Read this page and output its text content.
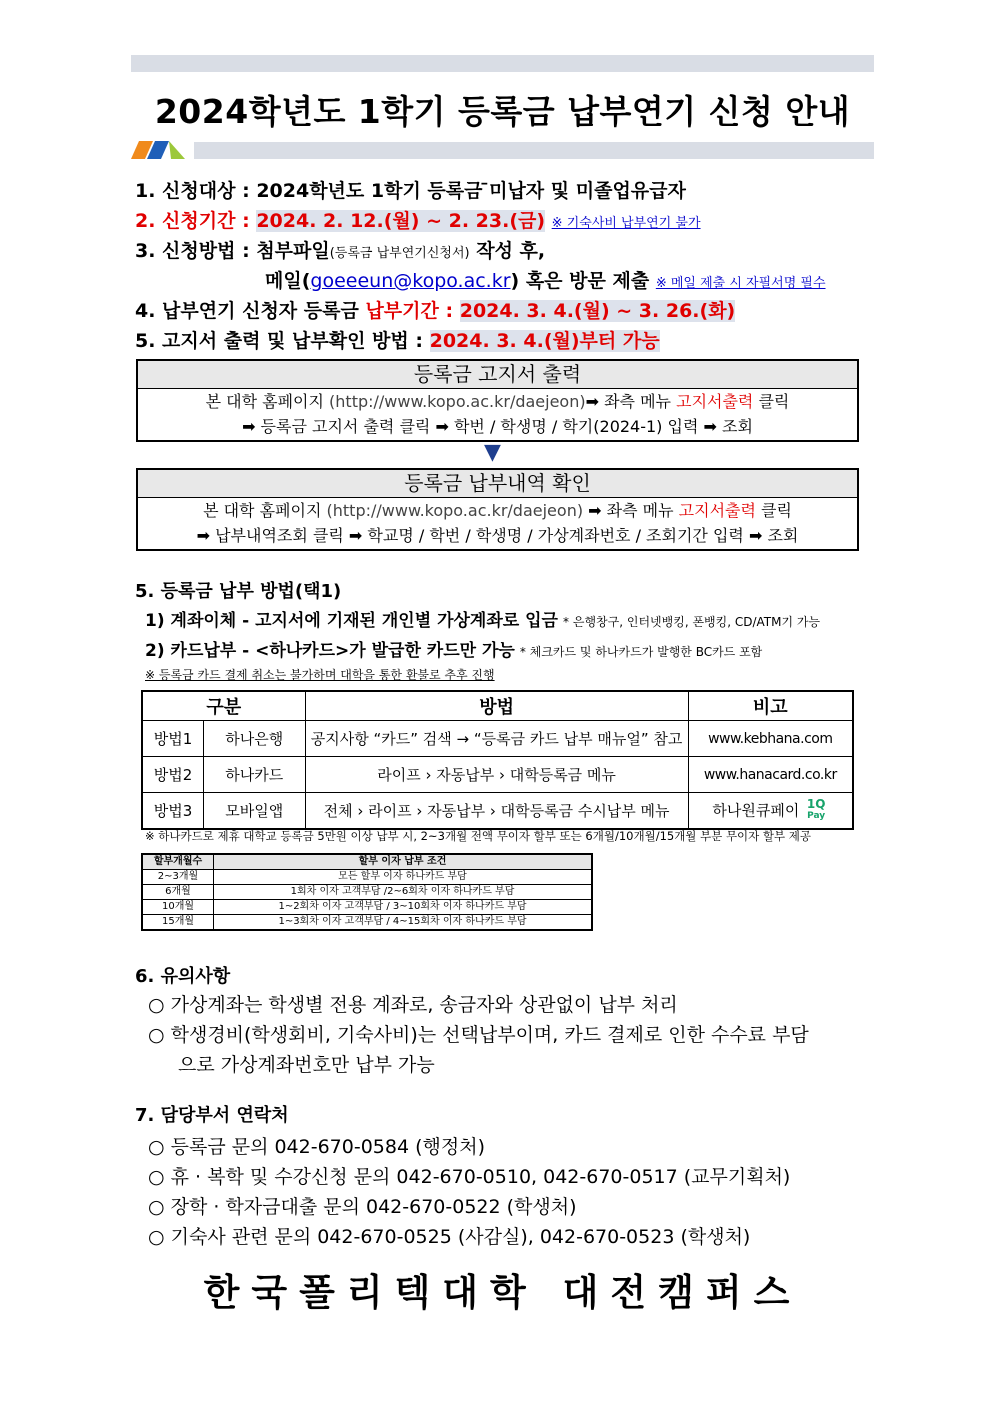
2024학년도 1학기 등록금 납부연기 신청 안내
1. 신청대상 : 2024학년도 1학기 등록금 ̄미납자 및 미졸업유급자
2. 신청기간 : 2024. 2. 12.(월) ~ 2. 23.(금) ※ 기숙사비 납부연기 불가
3. 신청방법 : 첨부파일(등록금 납부연기신청서) 작성 후,
메일(goeeeun@kopo.ac.kr) 혹은 방문 제출 ※ 메일 제출 시 자필서명 필수
4. 납부연기 신청자 등록금 납부기간 : 2024. 3. 4.(월) ~ 3. 26.(화)
5. 고지서 출력 및 납부확인 방법 : 2024. 3. 4.(월)부터 가능
등록금 고지서 출력
본 대학 홈페이지 (http://www.kopo.ac.kr/daejeon)➡ 좌측 메뉴 고지서출력 클릭
➡ 등록금 고지서 출력 클릭 ➡ 학번 / 학생명 / 학기(2024-1) 입력 ➡ 조회
▼
등록금 납부내역 확인
본 대학 홈페이지 (http://www.kopo.ac.kr/daejeon) ➡ 좌측 메뉴 고지서출력 클릭
➡ 납부내역조회 클릭 ➡ 학교명 / 학번 / 학생명 / 가상계좌번호 / 조회기간 입력 ➡ 조회
5. 등록금 납부 방법(택1)
1) 계좌이체 - 고지서에 기재된 개인별 가상계좌로 입금 * 은행창구, 인터넷뱅킹, 폰뱅킹, CD/ATM기 가능
2) 카드납부 - <하나카드>가 발급한 카드만 가능 * 체크카드 및 하나카드가 발행한 BC카드 포함
※ 등록금 카드 결제 취소는 불가하며 대학을 통한 환불로 추후 진행
구분		방법	비고
방법1	하나은행	공지사항 “카드” 검색 → “등록금 카드 납부 매뉴얼” 참고	www.kebhana.com
방법2	하나카드	라이프 › 자동납부 › 대학등록금 메뉴	www.hanacard.co.kr
방법3	모바일앱	전체 › 라이프 › 자동납부 › 대학등록금 수시납부 메뉴	하나원큐페이 1Q
Pay
※ 하나카드로 제휴 대학교 등록금 5만원 이상 납부 시, 2~3개월 전액 무이자 할부 또는 6개월/10개월/15개월 부분 무이자 할부 제공
할부개월수	할부 이자 납부 조건
2~3개월	모든 할부 이자 하나카드 부담
6개월	1회차 이자 고객부담 /2~6회차 이자 하나카드 부담
10개월	1~2회차 이자 고객부담 / 3~10회차 이자 하나카드 부담
15개월	1~3회차 이자 고객부담 / 4~15회차 이자 하나카드 부담
6. 유의사항
○ 가상계좌는 학생별 전용 계좌로, 송금자와 상관없이 납부 처리
○ 학생경비(학생회비, 기숙사비)는 선택납부이며, 카드 결제로 인한 수수료 부담
으로 가상계좌번호만 납부 가능
7. 담당부서 연락처
○ 등록금 문의 042-670-0584 (행정처)
○ 휴 · 복학 및 수강신청 문의 042-670-0510, 042-670-0517 (교무기획처)
○ 장학 · 학자금대출 문의 042-670-0522 (학생처)
○ 기숙사 관련 문의 042-670-0525 (사감실), 042-670-0523 (학생처)
한국폴리텍대학 대전캠퍼스
